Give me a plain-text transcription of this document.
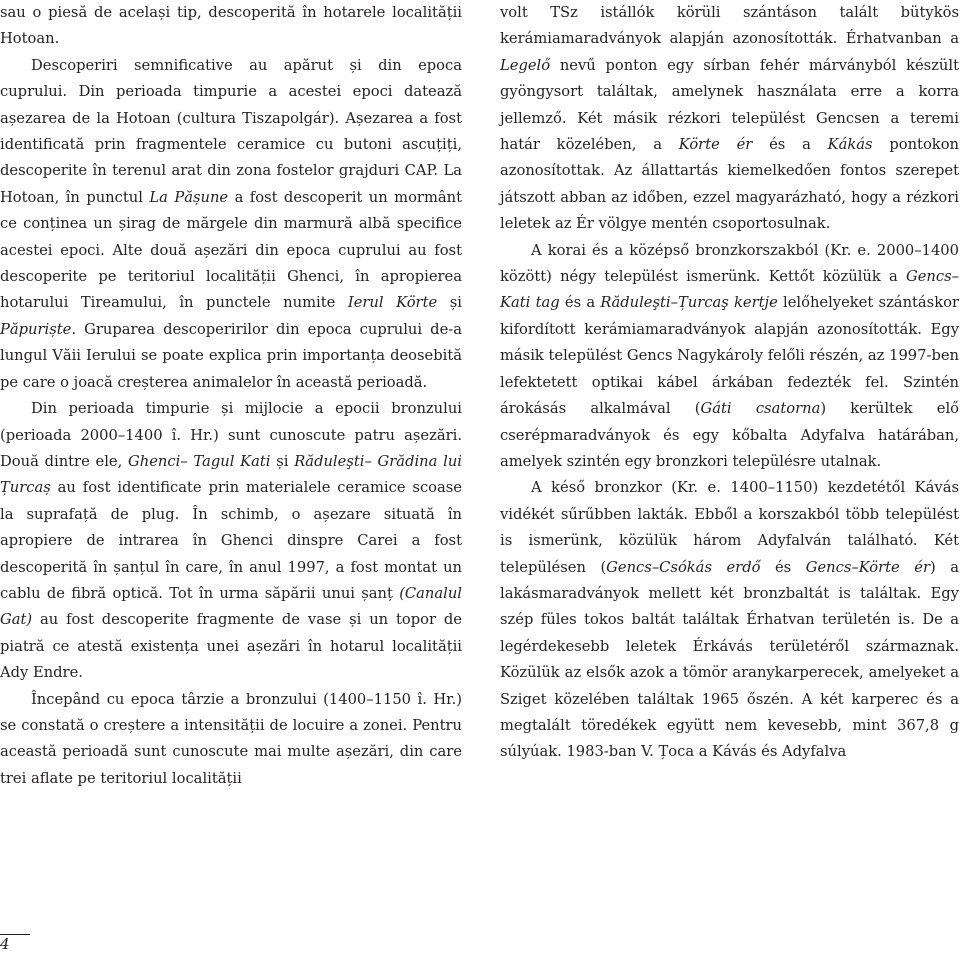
sau o piesă de același tip, descoperită în hotarele localității Hotoan.

Descoperiri semnificative au apărut și din epoca cuprului. Din perioada timpurie a acestei epoci datează așezarea de la Hotoan (cultura Tiszapolgár). Așezarea a fost identificată prin fragmentele ceramice cu butoni ascuțiți, descoperite în terenul arat din zona fostelor grajduri CAP. La Hotoan, în punctul La Pășune a fost descoperit un mormânt ce conținea un șirag de mărgele din marmură albă specifice acestei epoci. Alte două așezări din epoca cuprului au fost descoperite pe teritoriul localității Ghenci, în apropierea hotarului Tireamului, în punctele numite Ierul Körte și Păpuriște. Gruparea descoperirilor din epoca cuprului de-a lungul Văii Ierului se poate explica prin importanța deosebită pe care o joacă creșterea animalelor în această perioadă.

Din perioada timpurie și mijlocie a epocii bronzului (perioada 2000–1400 î. Hr.) sunt cunoscute patru așezări. Două dintre ele, Ghenci– Tagul Kati și Răduleşti– Grădina lui Țurcaș au fost identificate prin materialele ceramice scoase la suprafață de plug. În schimb, o așezare situată în apropiere de intrarea în Ghenci dinspre Carei a fost descoperită în șanțul în care, în anul 1997, a fost montat un cablu de fibră optică. Tot în urma săpării unui șanț (Canalul Gat) au fost descoperite fragmente de vase și un topor de piatră ce atestă existența unei așezări în hotarul localității Ady Endre.

Începând cu epoca târzie a bronzului (1400–1150 î. Hr.) se constată o creștere a intensității de locuire a zonei. Pentru această perioadă sunt cunoscute mai multe așezări, din care trei aflate pe teritoriul localității

volt TSz istállók körüli szántáson talált bütykös kerámiamaradványok alapján azonosították. Érhatvanban a Legelő nevű ponton egy sírban fehér márványból készült gyöngysort találtak, amelynek használata erre a korra jellemző. Két másik rézkori települést Gencsen a teremi határ közelében, a Körte ér és a Kákás pontokon azonosítottak. Az állattartás kiemelkedően fontos szerepet játszott abban az időben, ezzel magyarázható, hogy a rézkori leletek az Ér völgye mentén csoportosulnak.

A korai és a középső bronzkorszakból (Kr. e. 2000–1400 között) négy települést ismerünk. Kettőt közülük a Gencs–Kati tag és a Răduleşti–Țurcaş kertje lelőhelyeket szántáskor kifordított kerámiamaradványok alapján azonosították. Egy másik települést Gencs Nagykároly felőli részén, az 1997-ben lefektetett optikai kábel árkában fedezték fel. Szintén árokásás alkalmával (Gáti csatorna) kerültek elő cserépmaradványok és egy kőbalta Adyfalva határában, amelyek szintén egy bronzkori településre utalnak.

A késő bronzkor (Kr. e. 1400–1150) kezdetétől Kávás vidékét sűrűbben lakták. Ebből a korszakból több települést is ismerünk, közülük három Adyfalván található. Két településen (Gencs–Csókás erdő és Gencs–Körte ér) a lakásmaradványok mellett két bronzbaltát is találtak. Egy szép füles tokos baltát találtak Érhatvan területén is. De a legérdekesebb leletek Érkávás területéről származnak. Közülük az elsők azok a tömör aranykarperecek, amelyeket a Sziget közelében találtak 1965 őszén. A két karperec és a megtalált töredékek együtt nem kevesebb, mint 367,8 g súlyúak. 1983-ban V. Țoca a Kávás és Adyfalva

4
